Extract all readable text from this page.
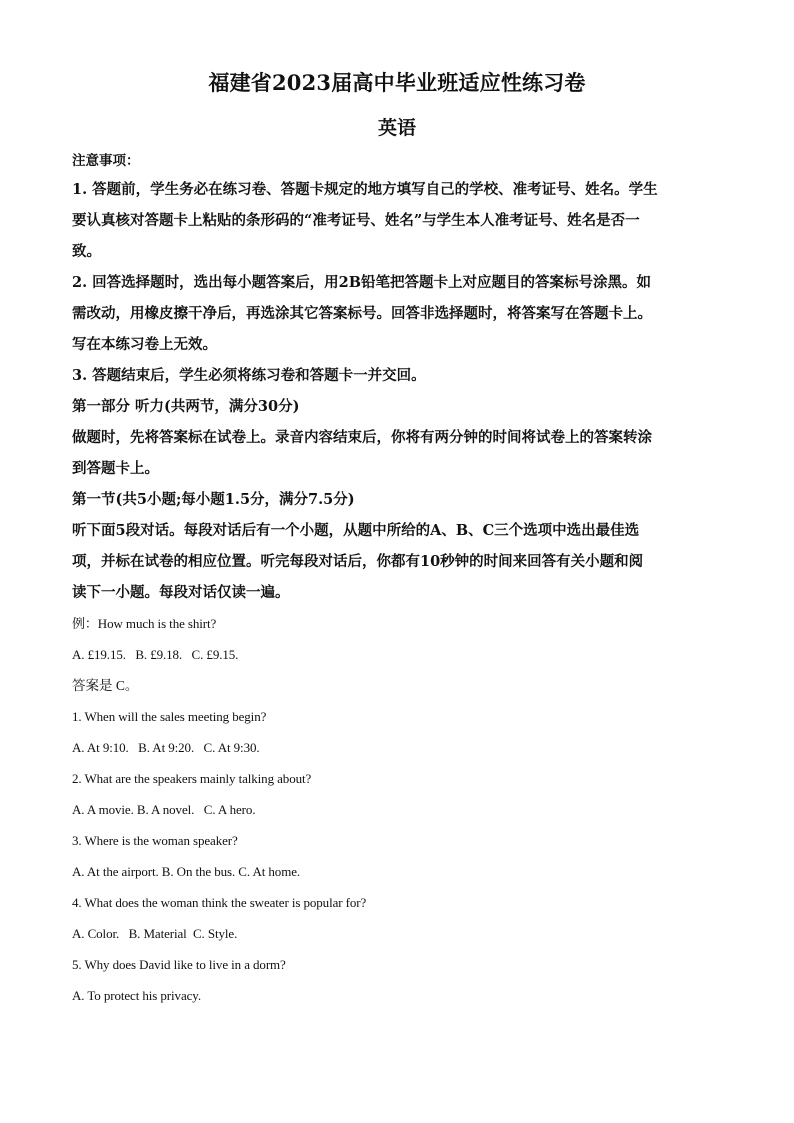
福建省2023届高中毕业班适应性练习卷
英语
注意事项：
1. 答题前，学生务必在练习卷、答题卡规定的地方填写自己的学校、准考证号、姓名。学生
要认真核对答题卡上粘贴的条形码的“准考证号、姓名”与学生本人准考证号、姓名是否一
致。
2. 回答选择题时，选出每小题答案后，用2B铅笔把答题卡上对应题目的答案标号涂黑。如
需改动，用橡皮擦干净后，再选涂其它答案标号。回答非选择题时，将答案写在答题卡上。
写在本练习卷上无效。
3. 答题结束后，学生必须将练习卷和答题卡一并交回。
第一部分 听力(共两节，满分30分)
做题时，先将答案标在试卷上。录音内容结束后，你将有两分钟的时间将试卷上的答案转涂
到答题卡上。
第一节(共5小题;每小题1.5分，满分7.5分)
听下面5段对话。每段对话后有一个小题，从题中所给的A、B、C三个选项中选出最佳选
项，并标在试卷的相应位置。听完每段对话后，你都有10秒钟的时间来回答有关小题和阅
读下一小题。每段对话仅读一遍。
例：How much is the shirt?
A. £19.15.   B. £9.18.   C. £9.15.
答案是 C。
1. When will the sales meeting begin?
A. At 9:10.   B. At 9:20.   C. At 9:30.
2. What are the speakers mainly talking about?
A. A movie. B. A novel.   C. A hero.
3. Where is the woman speaker?
A. At the airport. B. On the bus. C. At home.
4. What does the woman think the sweater is popular for?
A. Color.   B. Material  C. Style.
5. Why does David like to live in a dorm?
A. To protect his privacy.
